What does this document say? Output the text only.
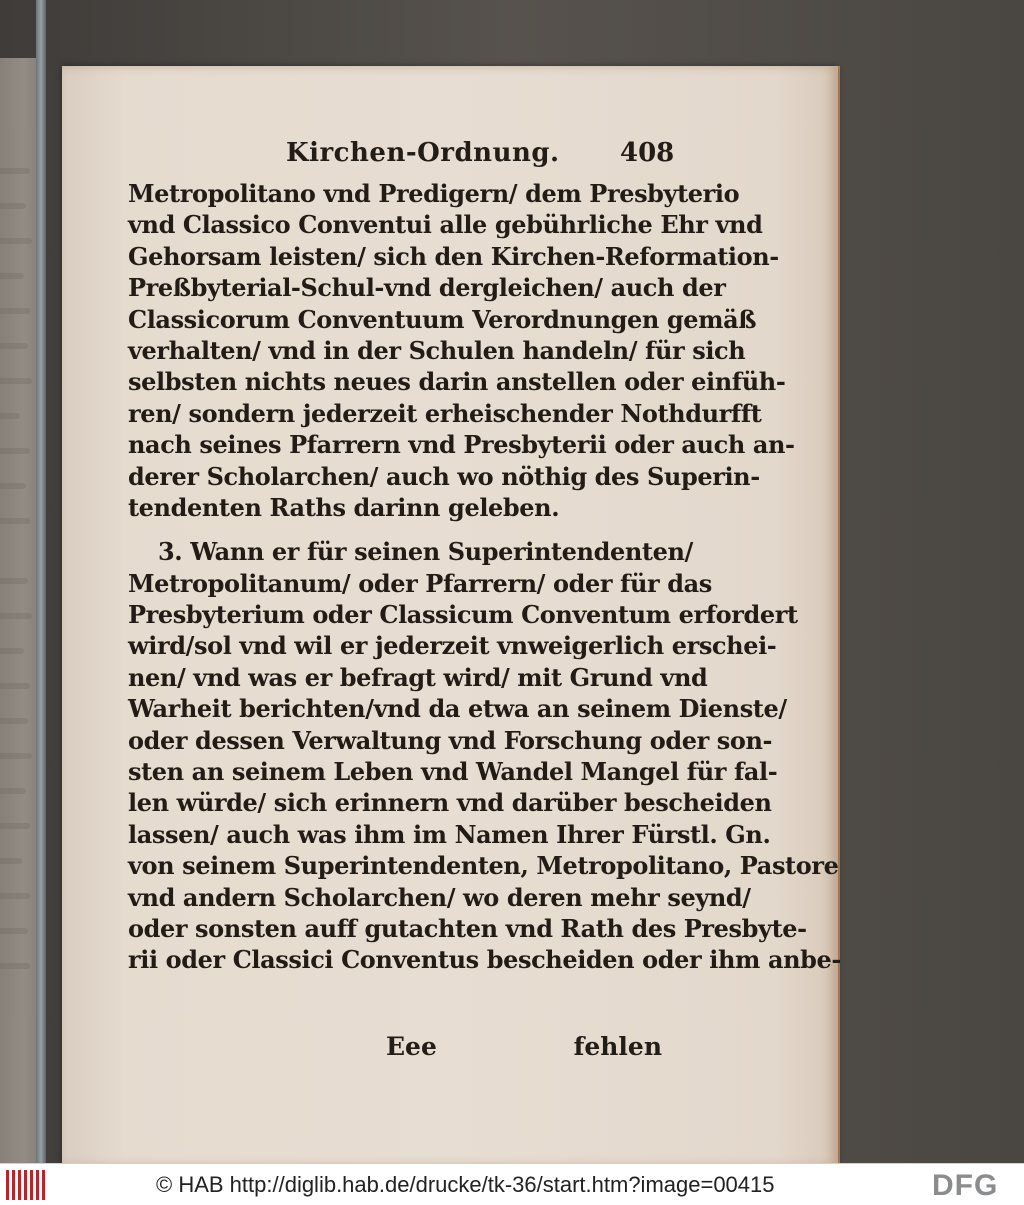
Kirchen-Ordnung. 408
Metropolitano vnd Predigern/ dem Presbyterio
vnd Classico Conventui alle gebührliche Ehr vnd
Gehorsam leisten/ sich den Kirchen-Reformation-
Preßbyterial-Schul-vnd dergleichen/ auch der
Classicorum Conventuum Verordnungen gemäß
verhalten/ vnd in der Schulen handeln/ für sich
selbsten nichts neues darin anstellen oder einfüh-
ren/ sondern jederzeit erheischender Nothdurfft
nach seines Pfarrern vnd Presbyterii oder auch an-
derer Scholarchen/ auch wo nöthig des Superin-
tendenten Raths darinn geleben.
3. Wann er für seinen Superintendenten/
Metropolitanum/ oder Pfarrern/ oder für das
Presbyterium oder Classicum Conventum erfordert
wird/sol vnd wil er jederzeit vnweigerlich erschei-
nen/ vnd was er befragt wird/ mit Grund vnd
Warheit berichten/vnd da etwa an seinem Dienste/
oder dessen Verwaltung vnd Forschung oder son-
sten an seinem Leben vnd Wandel Mangel für fal-
len würde/ sich erinnern vnd darüber bescheiden
lassen/ auch was ihm im Namen Ihrer Fürstl. Gn.
von seinem Superintendenten, Metropolitano, Pastore
vnd andern Scholarchen/ wo deren mehr seynd/
oder sonsten auff gutachten vnd Rath des Presbyte-
rii oder Classici Conventus bescheiden oder ihm anbe-
Eee	fehlen
© HAB http://diglib.hab.de/drucke/tk-36/start.htm?image=00415	DFG
